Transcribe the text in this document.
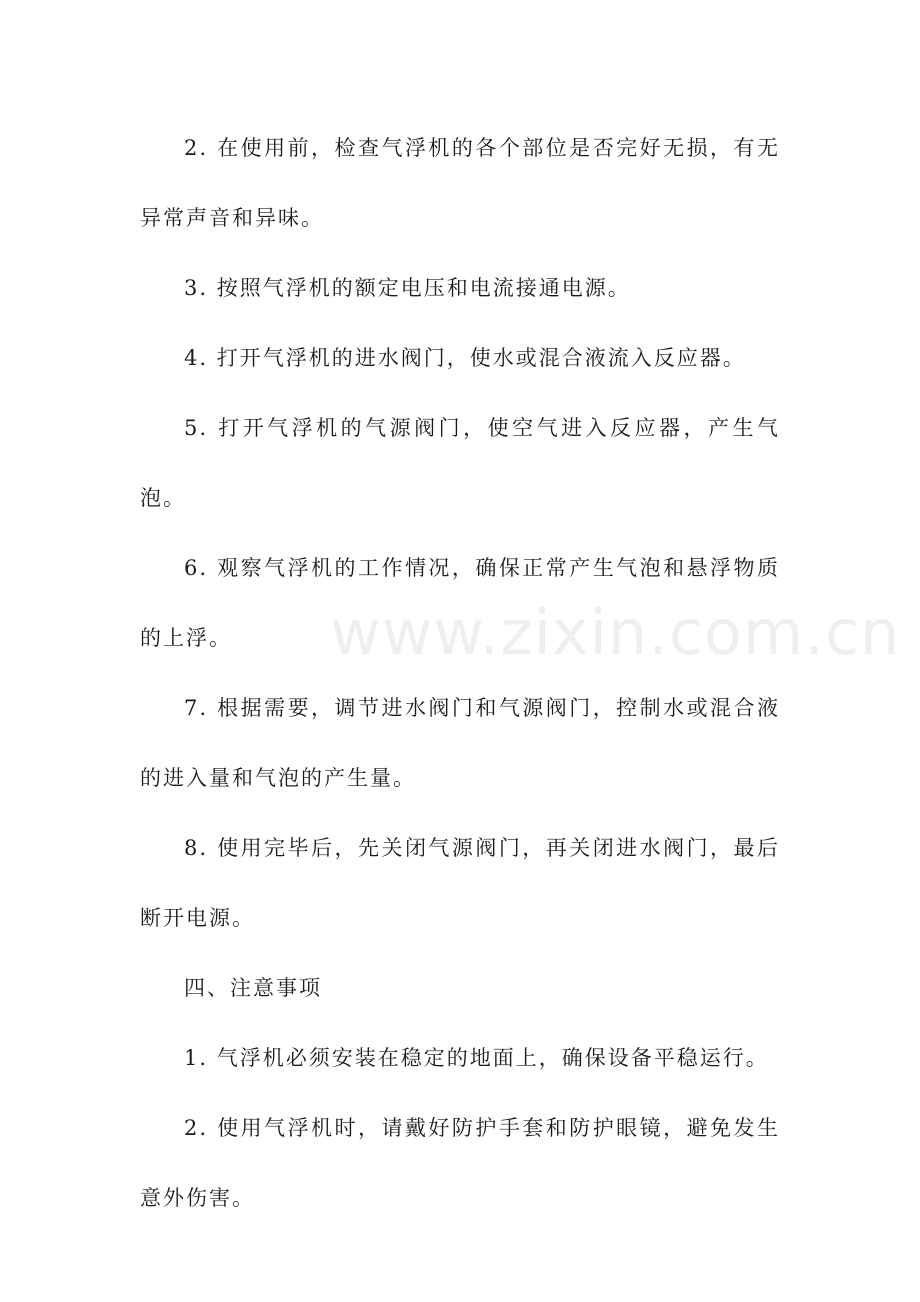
2. 在使用前，检查气浮机的各个部位是否完好无损，有无异常声音和异味。

3. 按照气浮机的额定电压和电流接通电源。

4. 打开气浮机的进水阀门，使水或混合液流入反应器。

5. 打开气浮机的气源阀门，使空气进入反应器，产生气泡。

6. 观察气浮机的工作情况，确保正常产生气泡和悬浮物质的上浮。

7. 根据需要，调节进水阀门和气源阀门，控制水或混合液的进入量和气泡的产生量。

8. 使用完毕后，先关闭气源阀门，再关闭进水阀门，最后断开电源。

四、注意事项

1. 气浮机必须安装在稳定的地面上，确保设备平稳运行。

2. 使用气浮机时，请戴好防护手套和防护眼镜，避免发生意外伤害。

www.zixin.com.cn
